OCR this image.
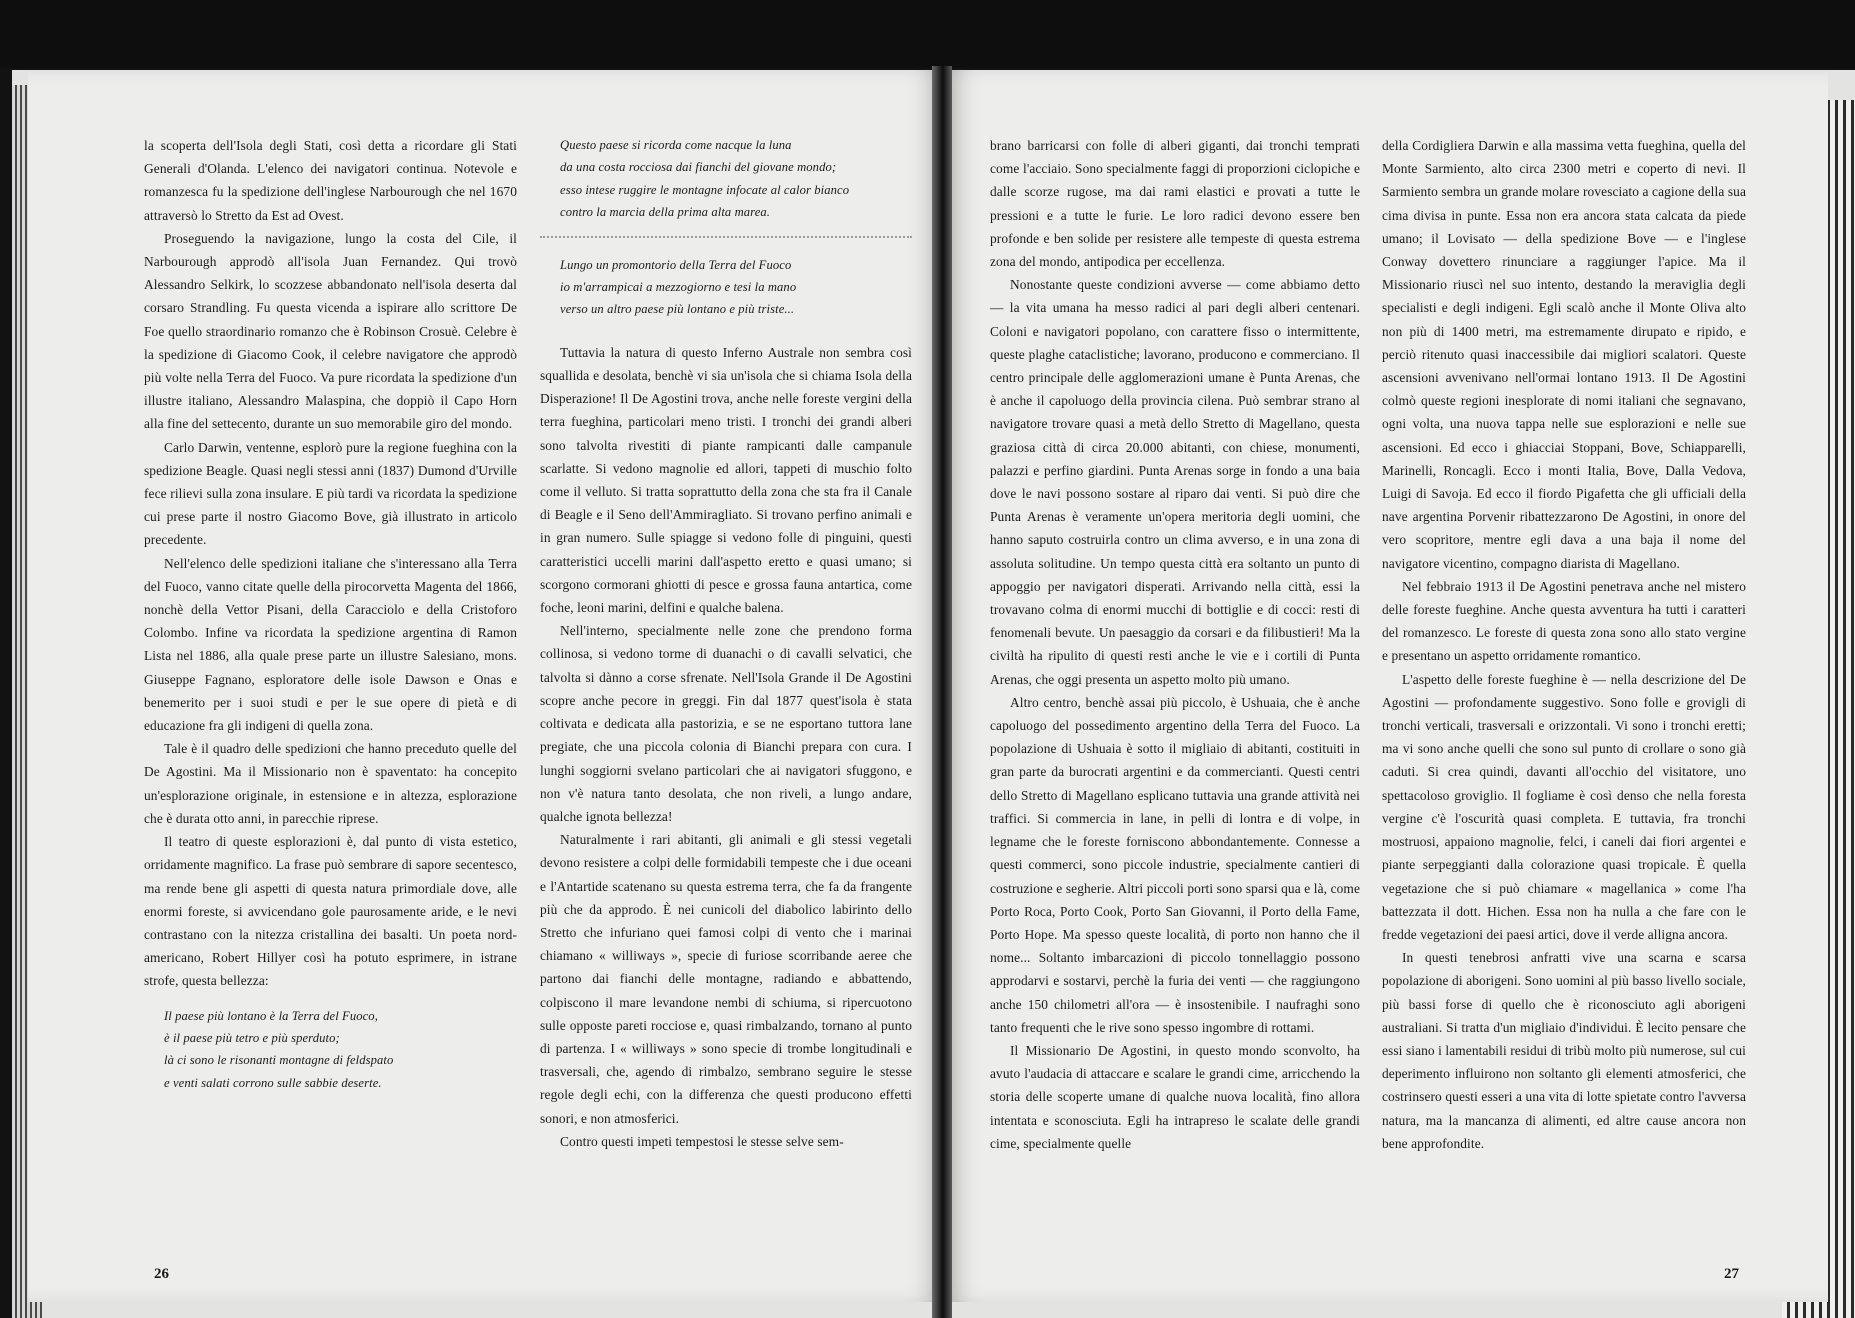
la scoperta dell'Isola degli Stati, così detta a ricordare gli Stati Generali d'Olanda. L'elenco dei navigatori continua. Notevole e romanzesca fu la spedizione dell'inglese Narbourough che nel 1670 attraversò lo Stretto da Est ad Ovest.

Proseguendo la navigazione, lungo la costa del Cile, il Narbourough approdò all'isola Juan Fernandez. Qui trovò Alessandro Selkirk, lo scozzese abbandonato nell'isola deserta dal corsaro Strandling. Fu questa vicenda a ispirare allo scrittore De Foe quello straordinario romanzo che è Robinson Crosuè. Celebre è la spedizione di Giacomo Cook, il celebre navigatore che approdò più volte nella Terra del Fuoco. Va pure ricordata la spedizione d'un illustre italiano, Alessandro Malaspina, che doppiò il Capo Horn alla fine del settecento, durante un suo memorabile giro del mondo.

Carlo Darwin, ventenne, esplorò pure la regione fueghina con la spedizione Beagle. Quasi negli stessi anni (1837) Dumond d'Urville fece rilievi sulla zona insulare. E più tardi va ricordata la spedizione cui prese parte il nostro Giacomo Bove, già illustrato in articolo precedente.

Nell'elenco delle spedizioni italiane che s'interessano alla Terra del Fuoco, vanno citate quelle della pirocorvetta Magenta del 1866, nonchè della Vettor Pisani, della Caracciolo e della Cristoforo Colombo. Infine va ricordata la spedizione argentina di Ramon Lista nel 1886, alla quale prese parte un illustre Salesiano, mons. Giuseppe Fagnano, esploratore delle isole Dawson e Onas e benemerito per i suoi studi e per le sue opere di pietà e di educazione fra gli indigeni di quella zona.

Tale è il quadro delle spedizioni che hanno preceduto quelle del De Agostini. Ma il Missionario non è spaventato: ha concepito un'esplorazione originale, in estensione e in altezza, esplorazione che è durata otto anni, in parecchie riprese.

Il teatro di queste esplorazioni è, dal punto di vista estetico, orridamente magnifico. La frase può sembrare di sapore secentesco, ma rende bene gli aspetti di questa natura primordiale dove, alle enormi foreste, si avvicendano gole paurosamente aride, e le nevi contrastano con la nitezza cristallina dei basalti. Un poeta nord-americano, Robert Hillyer così ha potuto esprimere, in istrane strofe, questa bellezza:

Il paese più lontano è la Terra del Fuoco,
è il paese più tetro e più sperduto;
là ci sono le risonanti montagne di feldspato
e venti salati corrono sulle sabbie deserte.
Questo paese si ricorda come nacque la luna
da una costa rocciosa dai fianchi del giovane mondo;
esso intese ruggire le montagne infocate al calor bianco
contro la marcia della prima alta marea.
Lungo un promontorio della Terra del Fuoco
io m'arrampicai a mezzogiorno e tesi la mano
verso un altro paese più lontano e più triste...

Tuttavia la natura di questo Inferno Australe non sembra così squallida e desolata, benchè vi sia un'isola che si chiama Isola della Disperazione! Il De Agostini trova, anche nelle foreste vergini della terra fueghina, particolari meno tristi. I tronchi dei grandi alberi sono talvolta rivestiti di piante rampicanti dalle campanule scarlatte. Si vedono magnolie ed allori, tappeti di muschio folto come il velluto. Si tratta soprattutto della zona che sta fra il Canale di Beagle e il Seno dell'Ammiragliato. Si trovano perfino animali e in gran numero. Sulle spiagge si vedono folle di pinguini, questi caratteristici uccelli marini dall'aspetto eretto e quasi umano; si scorgono cormorani ghiotti di pesce e grossa fauna antartica, come foche, leoni marini, delfini e qualche balena.

Nell'interno, specialmente nelle zone che prendono forma collinosa, si vedono torme di duanachi o di cavalli selvatici, che talvolta si dànno a corse sfrenate. Nell'Isola Grande il De Agostini scopre anche pecore in greggi. Fin dal 1877 quest'isola è stata coltivata e dedicata alla pastorizia, e se ne esportano tuttora lane pregiate, che una piccola colonia di Bianchi prepara con cura. I lunghi soggiorni svelano particolari che ai navigatori sfuggono, e non v'è natura tanto desolata, che non riveli, a lungo andare, qualche ignota bellezza!

Naturalmente i rari abitanti, gli animali e gli stessi vegetali devono resistere a colpi delle formidabili tempeste che i due oceani e l'Antartide scatenano su questa estrema terra, che fa da frangente più che da approdo. È nei cunicoli del diabolico labirinto dello Stretto che infuriano quei famosi colpi di vento che i marinai chiamano « williways », specie di furiose scorribande aeree che partono dai fianchi delle montagne, radiando e abbattendo, colpiscono il mare levandone nembi di schiuma, si ripercuotono sulle opposte pareti rocciose e, quasi rimbalzando, tornano al punto di partenza. I « williways » sono specie di trombe longitudinali e trasversali, che, agendo di rimbalzo, sembrano seguire le stesse regole degli echi, con la differenza che questi producono effetti sonori, e non atmosferici.

Contro questi impeti tempestosi le stesse selve sem-

26

brano barricarsi con folle di alberi giganti, dai tronchi temprati come l'acciaio. Sono specialmente faggi di proporzioni ciclopiche e dalle scorze rugose, ma dai rami elastici e provati a tutte le pressioni e a tutte le furie. Le loro radici devono essere ben profonde e ben solide per resistere alle tempeste di questa estrema zona del mondo, antipodica per eccellenza.

Nonostante queste condizioni avverse — come abbiamo detto — la vita umana ha messo radici al pari degli alberi centenari. Coloni e navigatori popolano, con carattere fisso o intermittente, queste plaghe cataclistiche; lavorano, producono e commerciano. Il centro principale delle agglomerazioni umane è Punta Arenas, che è anche il capoluogo della provincia cilena. Può sembrar strano al navigatore trovare quasi a metà dello Stretto di Magellano, questa graziosa città di circa 20.000 abitanti, con chiese, monumenti, palazzi e perfino giardini. Punta Arenas sorge in fondo a una baia dove le navi possono sostare al riparo dai venti. Si può dire che Punta Arenas è veramente un'opera meritoria degli uomini, che hanno saputo costruirla contro un clima avverso, e in una zona di assoluta solitudine. Un tempo questa città era soltanto un punto di appoggio per navigatori disperati. Arrivando nella città, essi la trovavano colma di enormi mucchi di bottiglie e di cocci: resti di fenomenali bevute. Un paesaggio da corsari e da filibustieri! Ma la civiltà ha ripulito di questi resti anche le vie e i cortili di Punta Arenas, che oggi presenta un aspetto molto più umano.

Altro centro, benchè assai più piccolo, è Ushuaia, che è anche capoluogo del possedimento argentino della Terra del Fuoco. La popolazione di Ushuaia è sotto il migliaio di abitanti, costituiti in gran parte da burocrati argentini e da commercianti. Questi centri dello Stretto di Magellano esplicano tuttavia una grande attività nei traffici. Si commercia in lane, in pelli di lontra e di volpe, in legname che le foreste forniscono abbondantemente. Connesse a questi commerci, sono piccole industrie, specialmente cantieri di costruzione e segherie. Altri piccoli porti sono sparsi qua e là, come Porto Roca, Porto Cook, Porto San Giovanni, il Porto della Fame, Porto Hope. Ma spesso queste località, di porto non hanno che il nome... Soltanto imbarcazioni di piccolo tonnellaggio possono approdarvi e sostarvi, perchè la furia dei venti — che raggiungono anche 150 chilometri all'ora — è insostenibile. I naufraghi sono tanto frequenti che le rive sono spesso ingombre di rottami.

Il Missionario De Agostini, in questo mondo sconvolto, ha avuto l'audacia di attaccare e scalare le grandi cime, arricchendo la storia delle scoperte umane di qualche nuova località, fino allora intentata e sconosciuta. Egli ha intrapreso le scalate delle grandi cime, specialmente quelle

della Cordigliera Darwin e alla massima vetta fueghina, quella del Monte Sarmiento, alto circa 2300 metri e coperto di nevi. Il Sarmiento sembra un grande molare rovesciato a cagione della sua cima divisa in punte. Essa non era ancora stata calcata da piede umano; il Lovisato — della spedizione Bove — e l'inglese Conway dovettero rinunciare a raggiunger l'apice. Ma il Missionario riuscì nel suo intento, destando la meraviglia degli specialisti e degli indigeni. Egli scalò anche il Monte Oliva alto non più di 1400 metri, ma estremamente dirupato e ripido, e perciò ritenuto quasi inaccessibile dai migliori scalatori. Queste ascensioni avvenivano nell'ormai lontano 1913. Il De Agostini colmò queste regioni inesplorate di nomi italiani che segnavano, ogni volta, una nuova tappa nelle sue esplorazioni e nelle sue ascensioni. Ed ecco i ghiacciai Stoppani, Bove, Schiapparelli, Marinelli, Roncagli. Ecco i monti Italia, Bove, Dalla Vedova, Luigi di Savoja. Ed ecco il fiordo Pigafetta che gli ufficiali della nave argentina Porvenir ribattezzarono De Agostini, in onore del vero scopritore, mentre egli dava a una baja il nome del navigatore vicentino, compagno diarista di Magellano.

Nel febbraio 1913 il De Agostini penetrava anche nel mistero delle foreste fueghine. Anche questa avventura ha tutti i caratteri del romanzesco. Le foreste di questa zona sono allo stato vergine e presentano un aspetto orridamente romantico.

L'aspetto delle foreste fueghine è — nella descrizione del De Agostini — profondamente suggestivo. Sono folle e grovigli di tronchi verticali, trasversali e orizzontali. Vi sono i tronchi eretti; ma vi sono anche quelli che sono sul punto di crollare o sono già caduti. Si crea quindi, davanti all'occhio del visitatore, uno spettacoloso groviglio. Il fogliame è così denso che nella foresta vergine c'è l'oscurità quasi completa. E tuttavia, fra tronchi mostruosi, appaiono magnolie, felci, i caneli dai fiori argentei e piante serpeggianti dalla colorazione quasi tropicale. È quella vegetazione che si può chiamare « magellanica » come l'ha battezzata il dott. Hichen. Essa non ha nulla a che fare con le fredde vegetazioni dei paesi artici, dove il verde alligna ancora.

In questi tenebrosi anfratti vive una scarna e scarsa popolazione di aborigeni. Sono uomini al più basso livello sociale, più bassi forse di quello che è riconosciuto agli aborigeni australiani. Si tratta d'un migliaio d'individui. È lecito pensare che essi siano i lamentabili residui di tribù molto più numerose, sul cui deperimento influirono non soltanto gli elementi atmosferici, che costrinsero questi esseri a una vita di lotte spietate contro l'avversa natura, ma la mancanza di alimenti, ed altre cause ancora non bene approfondite.

27
